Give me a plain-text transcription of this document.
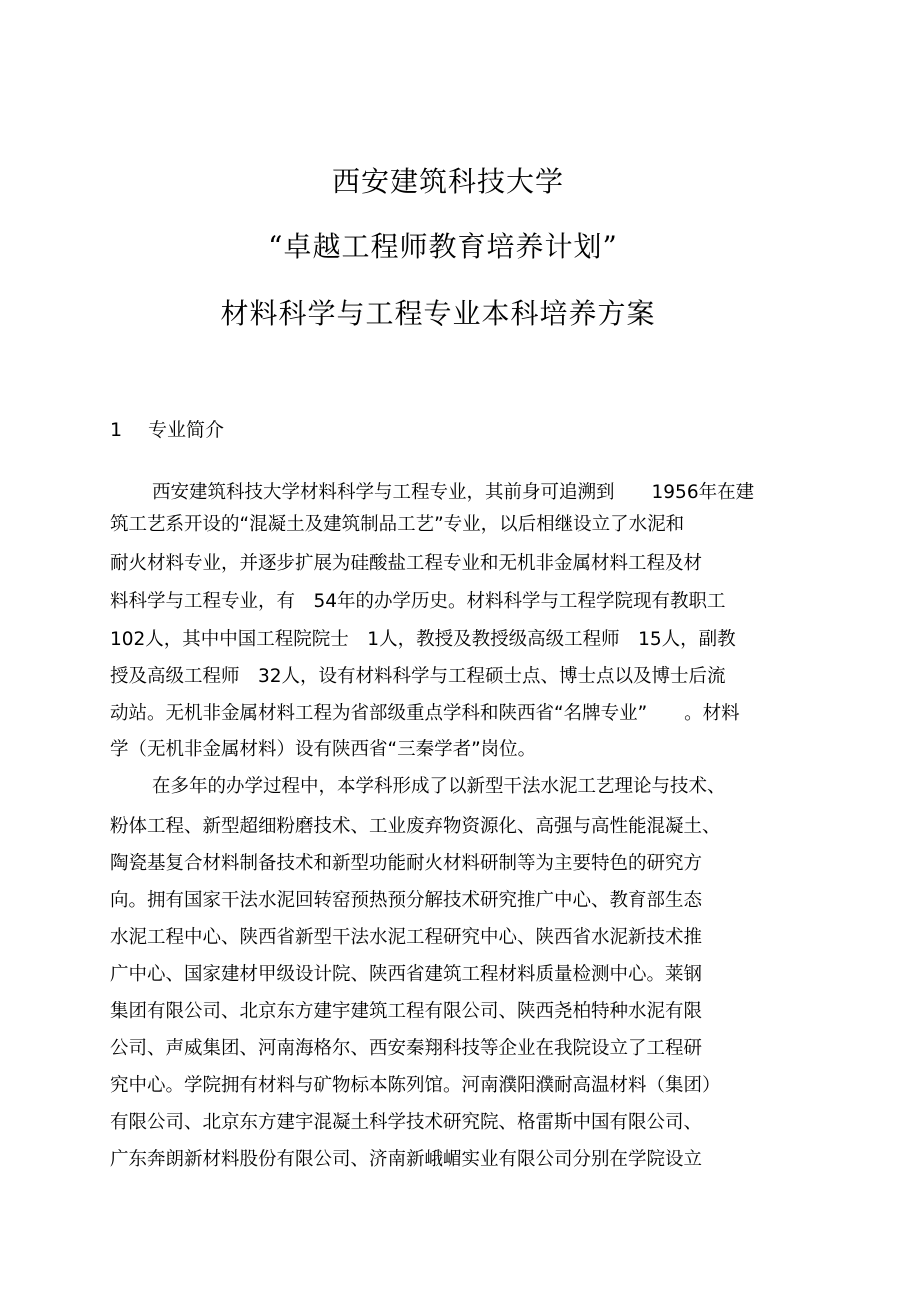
西安建筑科技大学
“卓越工程师教育培养计划”
材料科学与工程专业本科培养方案
1 专业简介
西安建筑科技大学材料科学与工程专业，其前身可追溯到　　1956年在建
筑工艺系开设的“混凝土及建筑制品工艺”专业，以后相继设立了水泥和
耐火材料专业，并逐步扩展为硅酸盐工程专业和无机非金属材料工程及材
料科学与工程专业，有　54年的办学历史。材料科学与工程学院现有教职工
102人，其中中国工程院院士　1人，教授及教授级高级工程师　15人，副教
授及高级工程师　32人，设有材料科学与工程硕士点、博士点以及博士后流
动站。无机非金属材料工程为省部级重点学科和陕西省“名牌专业”　　。材料
学（无机非金属材料）设有陕西省“三秦学者”岗位。
在多年的办学过程中，本学科形成了以新型干法水泥工艺理论与技术、
粉体工程、新型超细粉磨技术、工业废弃物资源化、高强与高性能混凝土、
陶瓷基复合材料制备技术和新型功能耐火材料研制等为主要特色的研究方
向。拥有国家干法水泥回转窑预热预分解技术研究推广中心、教育部生态
水泥工程中心、陕西省新型干法水泥工程研究中心、陕西省水泥新技术推
广中心、国家建材甲级设计院、陕西省建筑工程材料质量检测中心。莱钢
集团有限公司、北京东方建宇建筑工程有限公司、陕西尧柏特种水泥有限
公司、声威集团、河南海格尔、西安秦翔科技等企业在我院设立了工程研
究中心。学院拥有材料与矿物标本陈列馆。河南濮阳濮耐高温材料（集团）
有限公司、北京东方建宇混凝土科学技术研究院、格雷斯中国有限公司、
广东奔朗新材料股份有限公司、济南新峨嵋实业有限公司分别在学院设立
